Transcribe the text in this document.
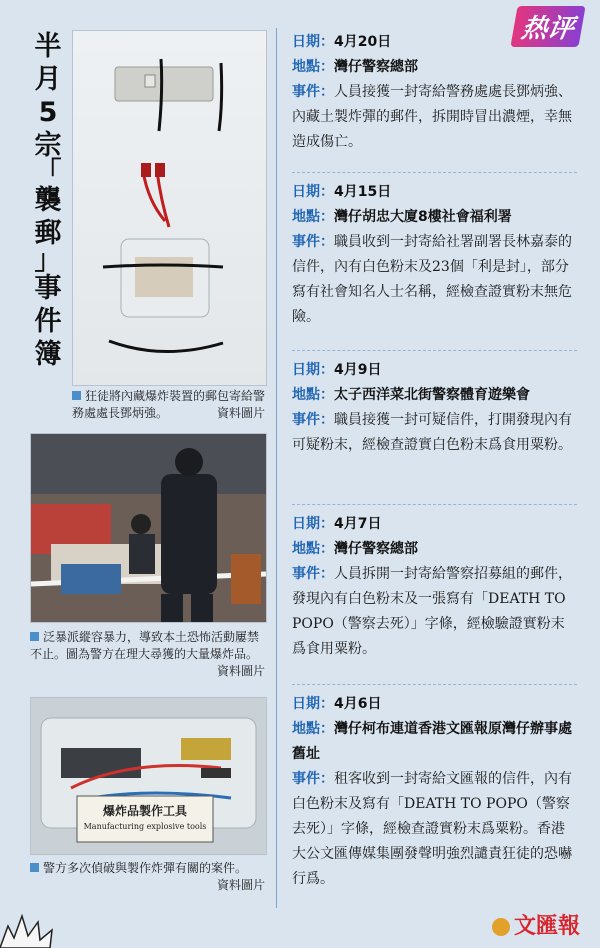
热评
半
月
5
宗
「
襲
郵
」
事
件
簿
狂徒將內藏爆炸裝置的郵包寄給警務處處長鄧炳強。	資料圖片
泛暴派縱容暴力，導致本土恐怖活動屢禁不止。圖為警方在理大尋獲的大量爆炸品。
資料圖片
爆炸品製作工具
Manufacturing explosive tools
警方多次偵破與製作炸彈有關的案件。
資料圖片
日期：4月20日
地點：灣仔警察總部
事件：人員接獲一封寄給警務處處長鄧炳強、內藏土製炸彈的郵件，拆開時冒出濃煙，幸無造成傷亡。
日期：4月15日
地點：灣仔胡忠大廈8樓社會福利署
事件：職員收到一封寄給社署副署長林嘉泰的信件，內有白色粉末及23個「利是封」，部分寫有社會知名人士名稱，經檢查證實粉末無危險。
日期：4月9日
地點：太子西洋菜北街警察體育遊樂會
事件：職員接獲一封可疑信件，打開發現內有可疑粉末，經檢查證實白色粉末爲食用粟粉。
日期：4月7日
地點：灣仔警察總部
事件：人員拆開一封寄給警察招募組的郵件，發現內有白色粉末及一張寫有「DEATH TO POPO（警察去死）」字條，經檢驗證實粉末爲食用粟粉。
日期：4月6日
地點：灣仔柯布連道香港文匯報原灣仔辦事處舊址
事件：租客收到一封寄給文匯報的信件，內有白色粉末及寫有「DEATH TO POPO（警察去死）」字條，經檢查證實粉末爲粟粉。香港大公文匯傳媒集團發聲明強烈譴責狂徒的恐嚇行爲。
文匯報
